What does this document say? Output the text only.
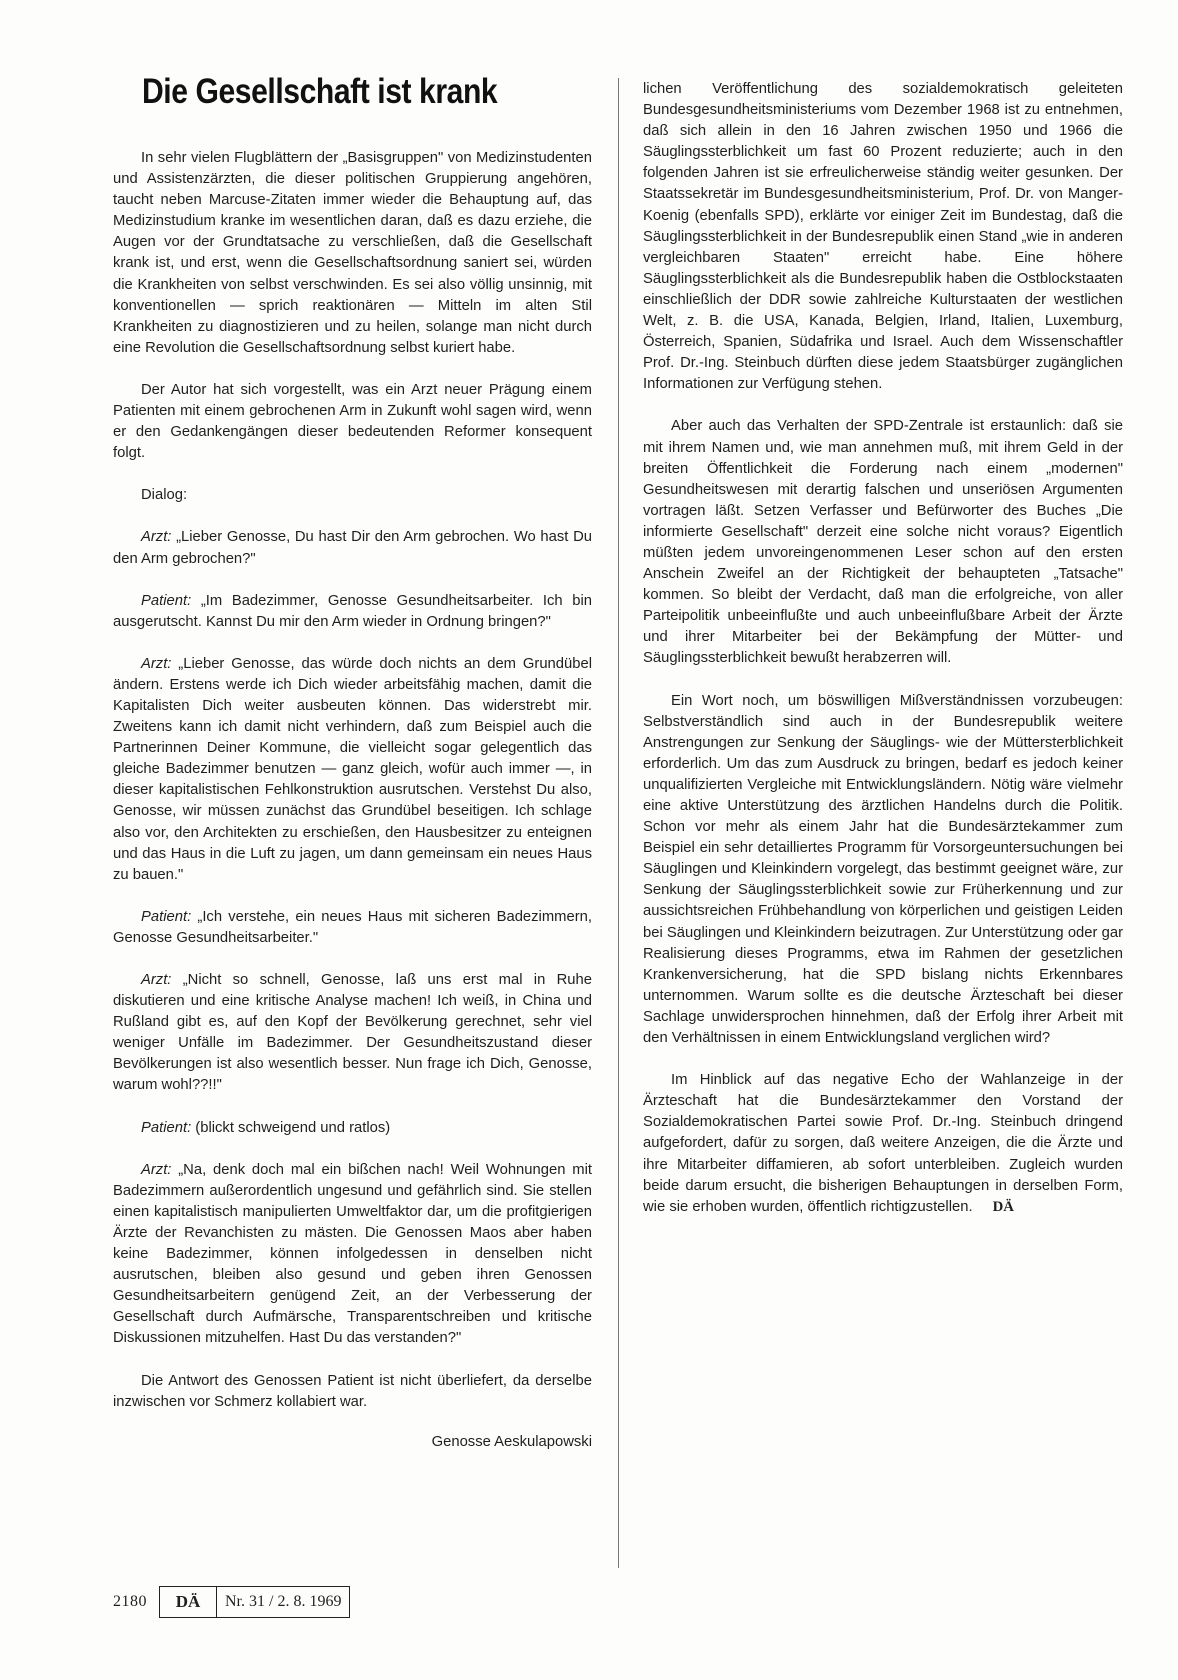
Die Gesellschaft ist krank

In sehr vielen Flugblättern der „Basisgruppen" von Medizinstudenten und Assistenzärzten, die dieser politischen Gruppierung angehören, taucht neben Marcuse-Zitaten immer wieder die Behauptung auf, das Medizinstudium kranke im wesentlichen daran, daß es dazu erziehe, die Augen vor der Grundtatsache zu verschließen, daß die Gesellschaft krank ist, und erst, wenn die Gesellschaftsordnung saniert sei, würden die Krankheiten von selbst verschwinden. Es sei also völlig unsinnig, mit konventionellen — sprich reaktionären — Mitteln im alten Stil Krankheiten zu diagnostizieren und zu heilen, solange man nicht durch eine Revolution die Gesellschaftsordnung selbst kuriert habe.

Der Autor hat sich vorgestellt, was ein Arzt neuer Prägung einem Patienten mit einem gebrochenen Arm in Zukunft wohl sagen wird, wenn er den Gedankengängen dieser bedeutenden Reformer konsequent folgt.

Dialog:

Arzt: „Lieber Genosse, Du hast Dir den Arm gebrochen. Wo hast Du den Arm gebrochen?"

Patient: „Im Badezimmer, Genosse Gesundheitsarbeiter. Ich bin ausgerutscht. Kannst Du mir den Arm wieder in Ordnung bringen?"

Arzt: „Lieber Genosse, das würde doch nichts an dem Grundübel ändern. Erstens werde ich Dich wieder arbeitsfähig machen, damit die Kapitalisten Dich weiter ausbeuten können. Das widerstrebt mir. Zweitens kann ich damit nicht verhindern, daß zum Beispiel auch die Partnerinnen Deiner Kommune, die vielleicht sogar gelegentlich das gleiche Badezimmer benutzen — ganz gleich, wofür auch immer —, in dieser kapitalistischen Fehlkonstruktion ausrutschen. Verstehst Du also, Genosse, wir müssen zunächst das Grundübel beseitigen. Ich schlage also vor, den Architekten zu erschießen, den Hausbesitzer zu enteignen und das Haus in die Luft zu jagen, um dann gemeinsam ein neues Haus zu bauen."

Patient: „Ich verstehe, ein neues Haus mit sicheren Badezimmern, Genosse Gesundheitsarbeiter."

Arzt: „Nicht so schnell, Genosse, laß uns erst mal in Ruhe diskutieren und eine kritische Analyse machen! Ich weiß, in China und Rußland gibt es, auf den Kopf der Bevölkerung gerechnet, sehr viel weniger Unfälle im Badezimmer. Der Gesundheitszustand dieser Bevölkerungen ist also wesentlich besser. Nun frage ich Dich, Genosse, warum wohl??!!"

Patient: (blickt schweigend und ratlos)

Arzt: „Na, denk doch mal ein bißchen nach! Weil Wohnungen mit Badezimmern außerordentlich ungesund und gefährlich sind. Sie stellen einen kapitalistisch manipulierten Umweltfaktor dar, um die profitgierigen Ärzte der Revanchisten zu mästen. Die Genossen Maos aber haben keine Badezimmer, können infolgedessen in denselben nicht ausrutschen, bleiben also gesund und geben ihren Genossen Gesundheitsarbeitern genügend Zeit, an der Verbesserung der Gesellschaft durch Aufmärsche, Transparentschreiben und kritische Diskussionen mitzuhelfen. Hast Du das verstanden?"

Die Antwort des Genossen Patient ist nicht überliefert, da derselbe inzwischen vor Schmerz kollabiert war.

Genosse Aeskulapowski

lichen Veröffentlichung des sozialdemokratisch geleiteten Bundesgesundheitsministeriums vom Dezember 1968 ist zu entnehmen, daß sich allein in den 16 Jahren zwischen 1950 und 1966 die Säuglingssterblichkeit um fast 60 Prozent reduzierte; auch in den folgenden Jahren ist sie erfreulicherweise ständig weiter gesunken. Der Staatssekretär im Bundesgesundheitsministerium, Prof. Dr. von Manger-Koenig (ebenfalls SPD), erklärte vor einiger Zeit im Bundestag, daß die Säuglingssterblichkeit in der Bundesrepublik einen Stand „wie in anderen vergleichbaren Staaten" erreicht habe. Eine höhere Säuglingssterblichkeit als die Bundesrepublik haben die Ostblockstaaten einschließlich der DDR sowie zahlreiche Kulturstaaten der westlichen Welt, z. B. die USA, Kanada, Belgien, Irland, Italien, Luxemburg, Österreich, Spanien, Südafrika und Israel. Auch dem Wissenschaftler Prof. Dr.-Ing. Steinbuch dürften diese jedem Staatsbürger zugänglichen Informationen zur Verfügung stehen.

Aber auch das Verhalten der SPD-Zentrale ist erstaunlich: daß sie mit ihrem Namen und, wie man annehmen muß, mit ihrem Geld in der breiten Öffentlichkeit die Forderung nach einem „modernen" Gesundheitswesen mit derartig falschen und unseriösen Argumenten vortragen läßt. Setzen Verfasser und Befürworter des Buches „Die informierte Gesellschaft" derzeit eine solche nicht voraus? Eigentlich müßten jedem unvoreingenommenen Leser schon auf den ersten Anschein Zweifel an der Richtigkeit der behaupteten „Tatsache" kommen. So bleibt der Verdacht, daß man die erfolgreiche, von aller Parteipolitik unbeeinflußte und auch unbeeinflußbare Arbeit der Ärzte und ihrer Mitarbeiter bei der Bekämpfung der Mütter- und Säuglingssterblichkeit bewußt herabzerren will.

Ein Wort noch, um böswilligen Mißverständnissen vorzubeugen: Selbstverständlich sind auch in der Bundesrepublik weitere Anstrengungen zur Senkung der Säuglings- wie der Müttersterblichkeit erforderlich. Um das zum Ausdruck zu bringen, bedarf es jedoch keiner unqualifizierten Vergleiche mit Entwicklungsländern. Nötig wäre vielmehr eine aktive Unterstützung des ärztlichen Handelns durch die Politik. Schon vor mehr als einem Jahr hat die Bundesärztekammer zum Beispiel ein sehr detailliertes Programm für Vorsorgeuntersuchungen bei Säuglingen und Kleinkindern vorgelegt, das bestimmt geeignet wäre, zur Senkung der Säuglingssterblichkeit sowie zur Früherkennung und zur aussichtsreichen Frühbehandlung von körperlichen und geistigen Leiden bei Säuglingen und Kleinkindern beizutragen. Zur Unterstützung oder gar Realisierung dieses Programms, etwa im Rahmen der gesetzlichen Krankenversicherung, hat die SPD bislang nichts Erkennbares unternommen. Warum sollte es die deutsche Ärzteschaft bei dieser Sachlage unwidersprochen hinnehmen, daß der Erfolg ihrer Arbeit mit den Verhältnissen in einem Entwicklungsland verglichen wird?

Im Hinblick auf das negative Echo der Wahlanzeige in der Ärzteschaft hat die Bundesärztekammer den Vorstand der Sozialdemokratischen Partei sowie Prof. Dr.-Ing. Steinbuch dringend aufgefordert, dafür zu sorgen, daß weitere Anzeigen, die die Ärzte und ihre Mitarbeiter diffamieren, ab sofort unterbleiben. Zugleich wurden beide darum ersucht, die bisherigen Behauptungen in derselben Form, wie sie erhoben wurden, öffentlich richtigzustellen. DÄ

2180	DÄ	Nr. 31 / 2. 8. 1969
